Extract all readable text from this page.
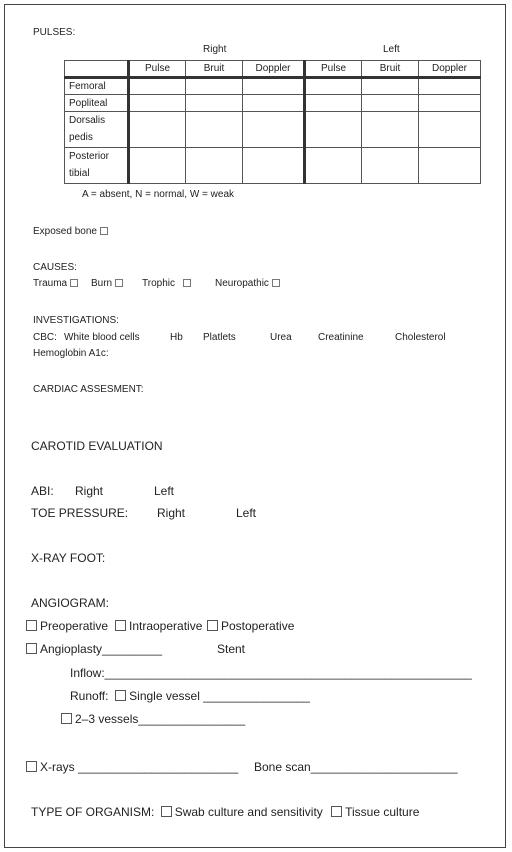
PULSES:
Right	Left
	Pulse	Bruit	Doppler	Pulse	Bruit	Doppler
Femoral						
Popliteal						
Dorsalis pedis						
Posterior tibial						
A = absent, N = normal, W = weak
Exposed bone
CAUSES:
Trauma	Burn	Trophic	Neuropathic
INVESTIGATIONS:
CBC: White blood cells	Hb Platlets	Urea	Creatinine	Cholesterol
Hemoglobin A1c:
CARDIAC ASSESMENT:
CAROTID EVALUATION
ABI: Right	Left
TOE PRESSURE: Right	Left
X-RAY FOOT:
ANGIOGRAM:
Preoperative	Intraoperative	Postoperative
Angioplasty_________	Stent
Inflow:_______________________________________________________
Runoff: Single vessel ________________
2–3 vessels________________
X-rays ________________________ Bone scan______________________
TYPE OF ORGANISM: Swab culture and sensitivity Tissue culture
